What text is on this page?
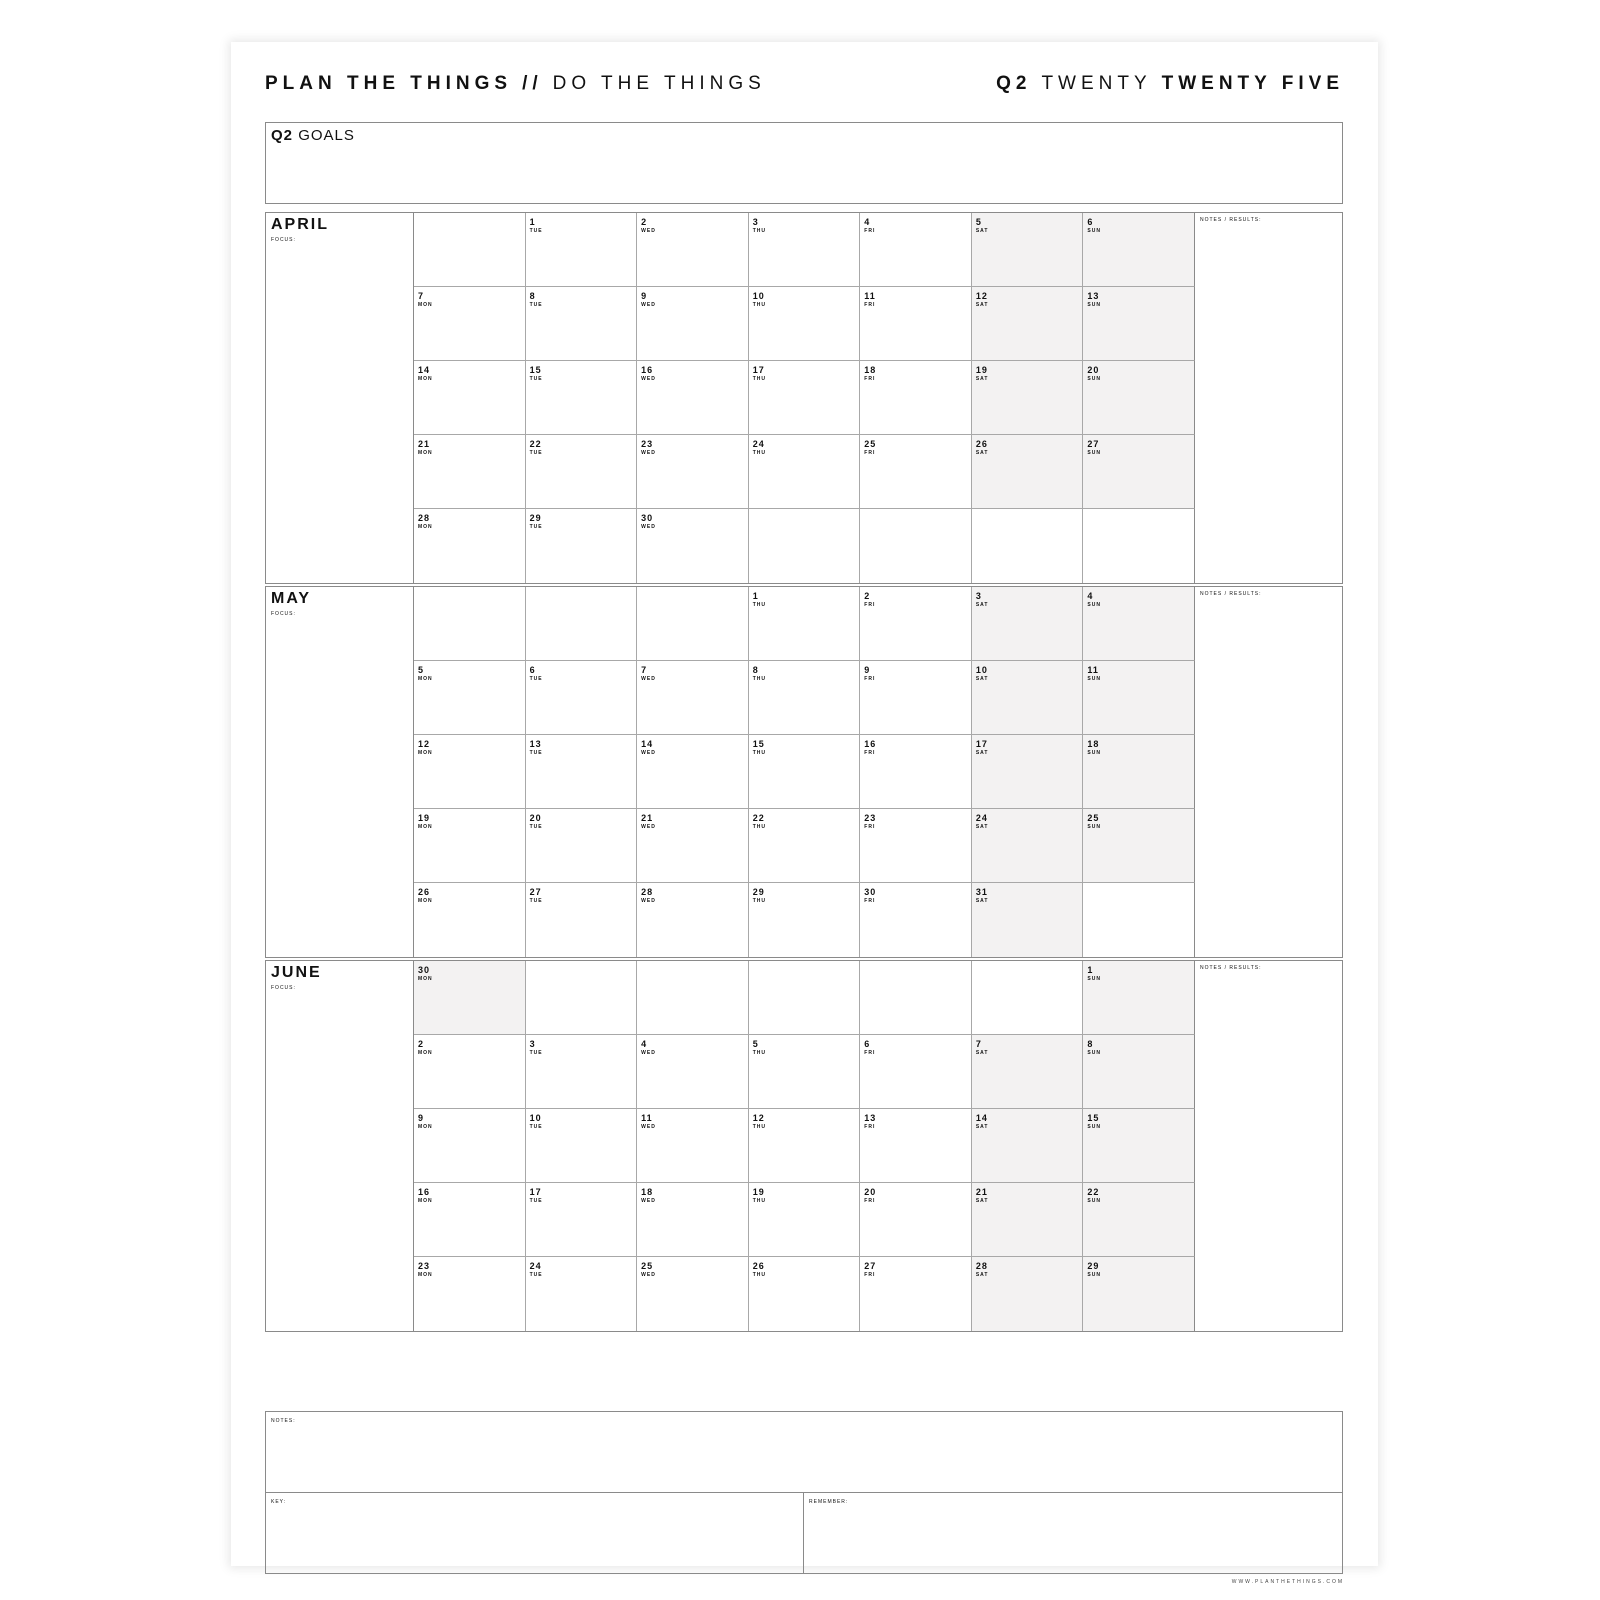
PLAN THE THINGS // DO THE THINGS	Q2 TWENTY TWENTY FIVE
Q2 GOALS
APRIL
FOCUS:
1
TUE
2
WED
3
THU
4
FRI
5
SAT
6
SUN
7
MON
8
TUE
9
WED
10
THU
11
FRI
12
SAT
13
SUN
14
MON
15
TUE
16
WED
17
THU
18
FRI
19
SAT
20
SUN
21
MON
22
TUE
23
WED
24
THU
25
FRI
26
SAT
27
SUN
28
MON
29
TUE
30
WED
NOTES / RESULTS:
MAY
FOCUS:
1
THU
2
FRI
3
SAT
4
SUN
5
MON
6
TUE
7
WED
8
THU
9
FRI
10
SAT
11
SUN
12
MON
13
TUE
14
WED
15
THU
16
FRI
17
SAT
18
SUN
19
MON
20
TUE
21
WED
22
THU
23
FRI
24
SAT
25
SUN
26
MON
27
TUE
28
WED
29
THU
30
FRI
31
SAT
NOTES / RESULTS:
JUNE
FOCUS:
30
MON
1
SUN
2
MON
3
TUE
4
WED
5
THU
6
FRI
7
SAT
8
SUN
9
MON
10
TUE
11
WED
12
THU
13
FRI
14
SAT
15
SUN
16
MON
17
TUE
18
WED
19
THU
20
FRI
21
SAT
22
SUN
23
MON
24
TUE
25
WED
26
THU
27
FRI
28
SAT
29
SUN
NOTES / RESULTS:
NOTES:
KEY:	REMEMBER:
WWW.PLANTHETHINGS.COM
